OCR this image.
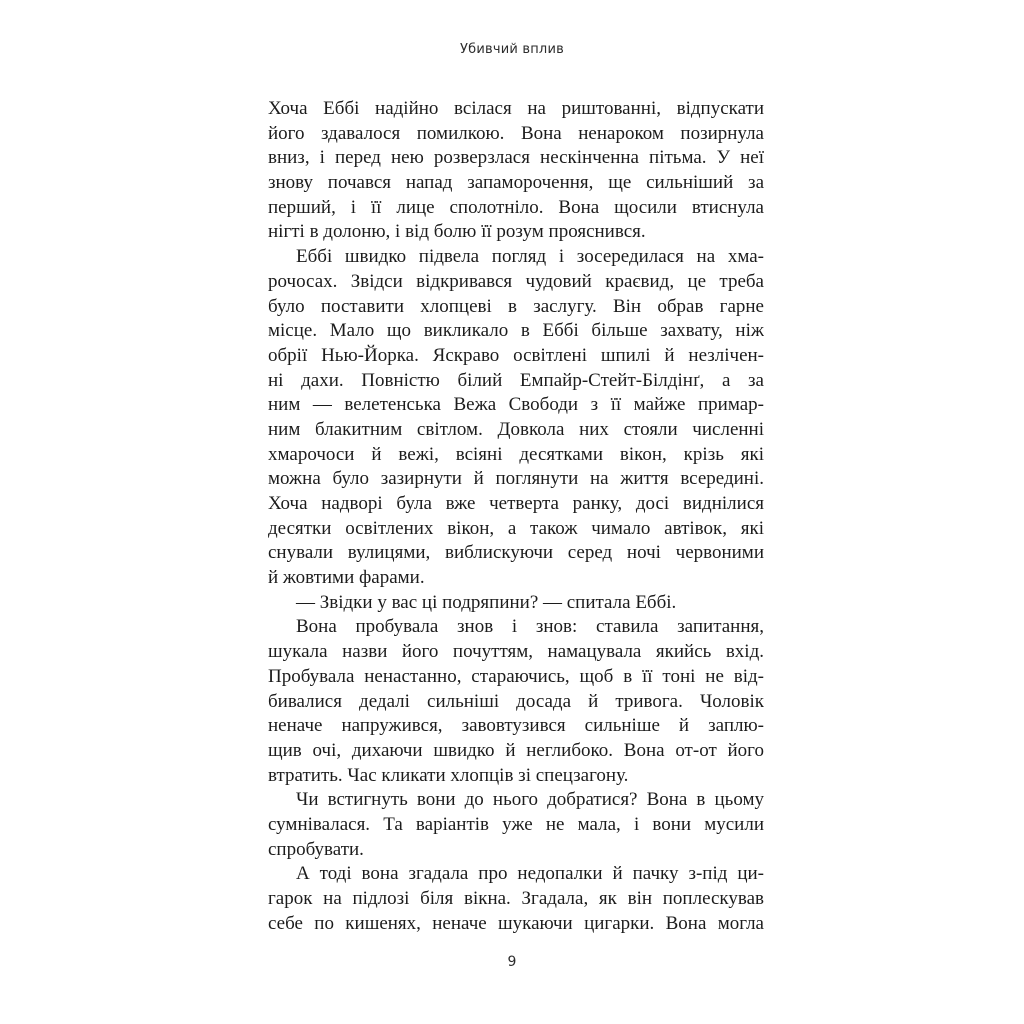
Убивчий вплив
Хоча Еббі надійно всілася на риштованні, відпускати
його здавалося помилкою. Вона ненароком позирнула
вниз, і перед нею розверзлася нескінченна пітьма. У неї
знову почався напад запаморочення, ще сильніший за
перший, і її лице сполотніло. Вона щосили втиснула
нігті в долоню, і від болю її розум прояснився.
Еббі швидко підвела погляд і зосередилася на хма-
рочосах. Звідси відкривався чудовий краєвид, це треба
було поставити хлопцеві в заслугу. Він обрав гарне
місце. Мало що викликало в Еббі більше захвату, ніж
обрії Нью-Йорка. Яскраво освітлені шпилі й незлічен-
ні дахи. Повністю білий Емпайр-Стейт-Білдінґ, а за
ним — велетенська Вежа Свободи з її майже примар-
ним блакитним світлом. Довкола них стояли численні
хмарочоси й вежі, всіяні десятками вікон, крізь які
можна було зазирнути й поглянути на життя всередині.
Хоча надворі була вже четверта ранку, досі виднілися
десятки освітлених вікон, а також чимало автівок, які
снували вулицями, виблискуючи серед ночі червоними
й жовтими фарами.
— Звідки у вас ці подряпини? — спитала Еббі.
Вона пробувала знов і знов: ставила запитання,
шукала назви його почуттям, намацувала якийсь вхід.
Пробувала ненастанно, стараючись, щоб в її тоні не від-
бивалися дедалі сильніші досада й тривога. Чоловік
неначе напружився, завовтузився сильніше й заплю-
щив очі, дихаючи швидко й неглибоко. Вона от-от його
втратить. Час кликати хлопців зі спецзагону.
Чи встигнуть вони до нього добратися? Вона в цьому
сумнівалася. Та варіантів уже не мала, і вони мусили
спробувати.
А тоді вона згадала про недопалки й пачку з-під ци-
гарок на підлозі біля вікна. Згадала, як він поплескував
себе по кишенях, неначе шукаючи цигарки. Вона могла
9
